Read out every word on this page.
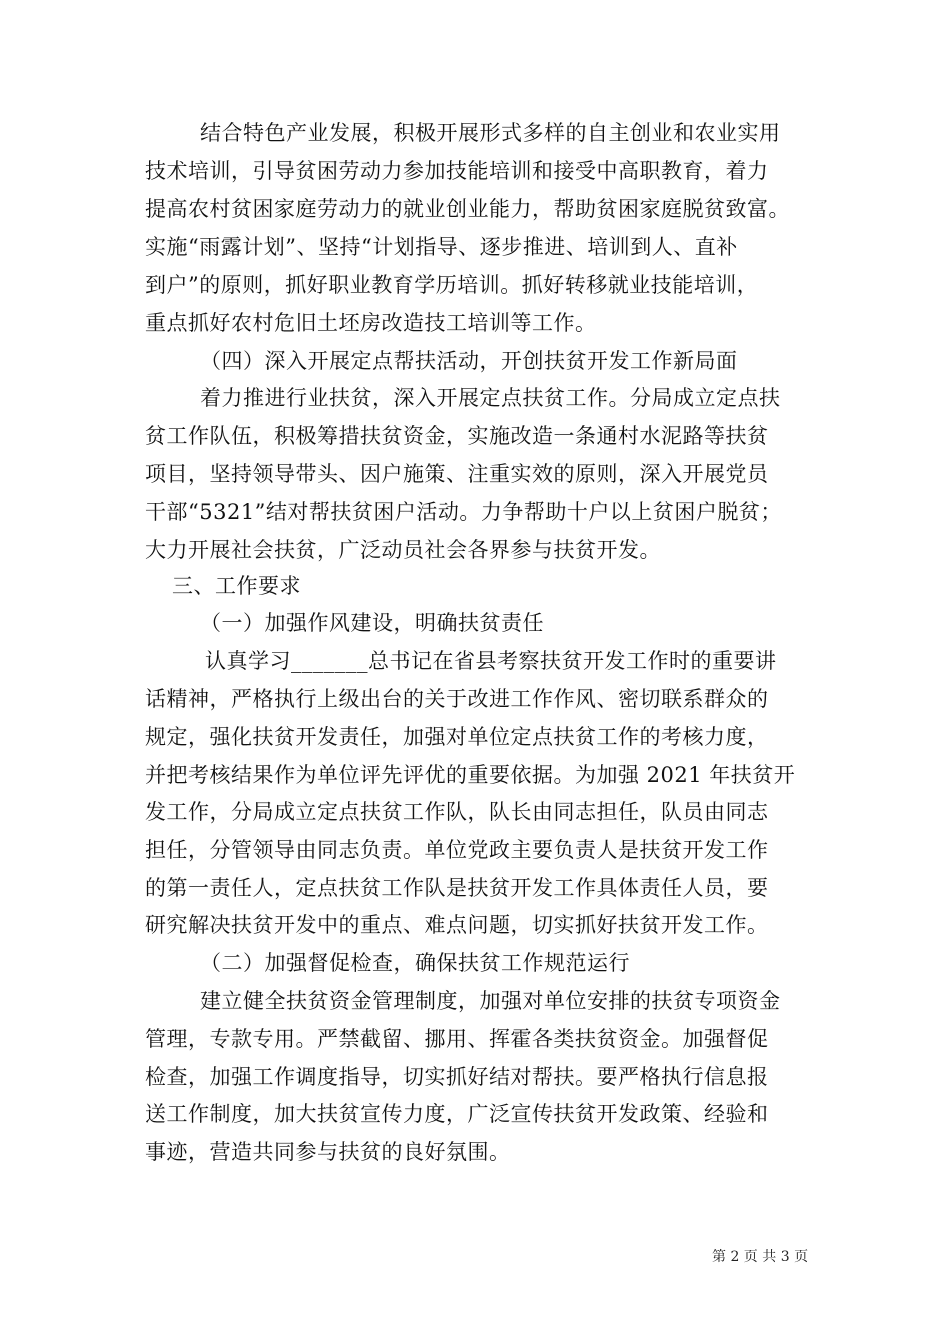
结合特色产业发展，积极开展形式多样的自主创业和农业实用
技术培训，引导贫困劳动力参加技能培训和接受中高职教育，着力
提高农村贫困家庭劳动力的就业创业能力，帮助贫困家庭脱贫致富。
实施“雨露计划”、坚持“计划指导、逐步推进、培训到人、直补
到户”的原则，抓好职业教育学历培训。抓好转移就业技能培训，
重点抓好农村危旧土坯房改造技工培训等工作。
（四）深入开展定点帮扶活动，开创扶贫开发工作新局面
着力推进行业扶贫，深入开展定点扶贫工作。分局成立定点扶
贫工作队伍，积极筹措扶贫资金，实施改造一条通村水泥路等扶贫
项目，坚持领导带头、因户施策、注重实效的原则，深入开展党员
干部“5321”结对帮扶贫困户活动。力争帮助十户以上贫困户脱贫；
大力开展社会扶贫，广泛动员社会各界参与扶贫开发。
三、工作要求
（一）加强作风建设，明确扶贫责任
认真学习_______总书记在省县考察扶贫开发工作时的重要讲
话精神，严格执行上级出台的关于改进工作作风、密切联系群众的
规定，强化扶贫开发责任，加强对单位定点扶贫工作的考核力度，
并把考核结果作为单位评先评优的重要依据。为加强 2021 年扶贫开
发工作，分局成立定点扶贫工作队，队长由同志担任，队员由同志
担任，分管领导由同志负责。单位党政主要负责人是扶贫开发工作
的第一责任人，定点扶贫工作队是扶贫开发工作具体责任人员，要
研究解决扶贫开发中的重点、难点问题，切实抓好扶贫开发工作。
（二）加强督促检查，确保扶贫工作规范运行
建立健全扶贫资金管理制度，加强对单位安排的扶贫专项资金
管理，专款专用。严禁截留、挪用、挥霍各类扶贫资金。加强督促
检查，加强工作调度指导，切实抓好结对帮扶。要严格执行信息报
送工作制度，加大扶贫宣传力度，广泛宣传扶贫开发政策、经验和
事迹，营造共同参与扶贫的良好氛围。
第 2 页 共 3 页
